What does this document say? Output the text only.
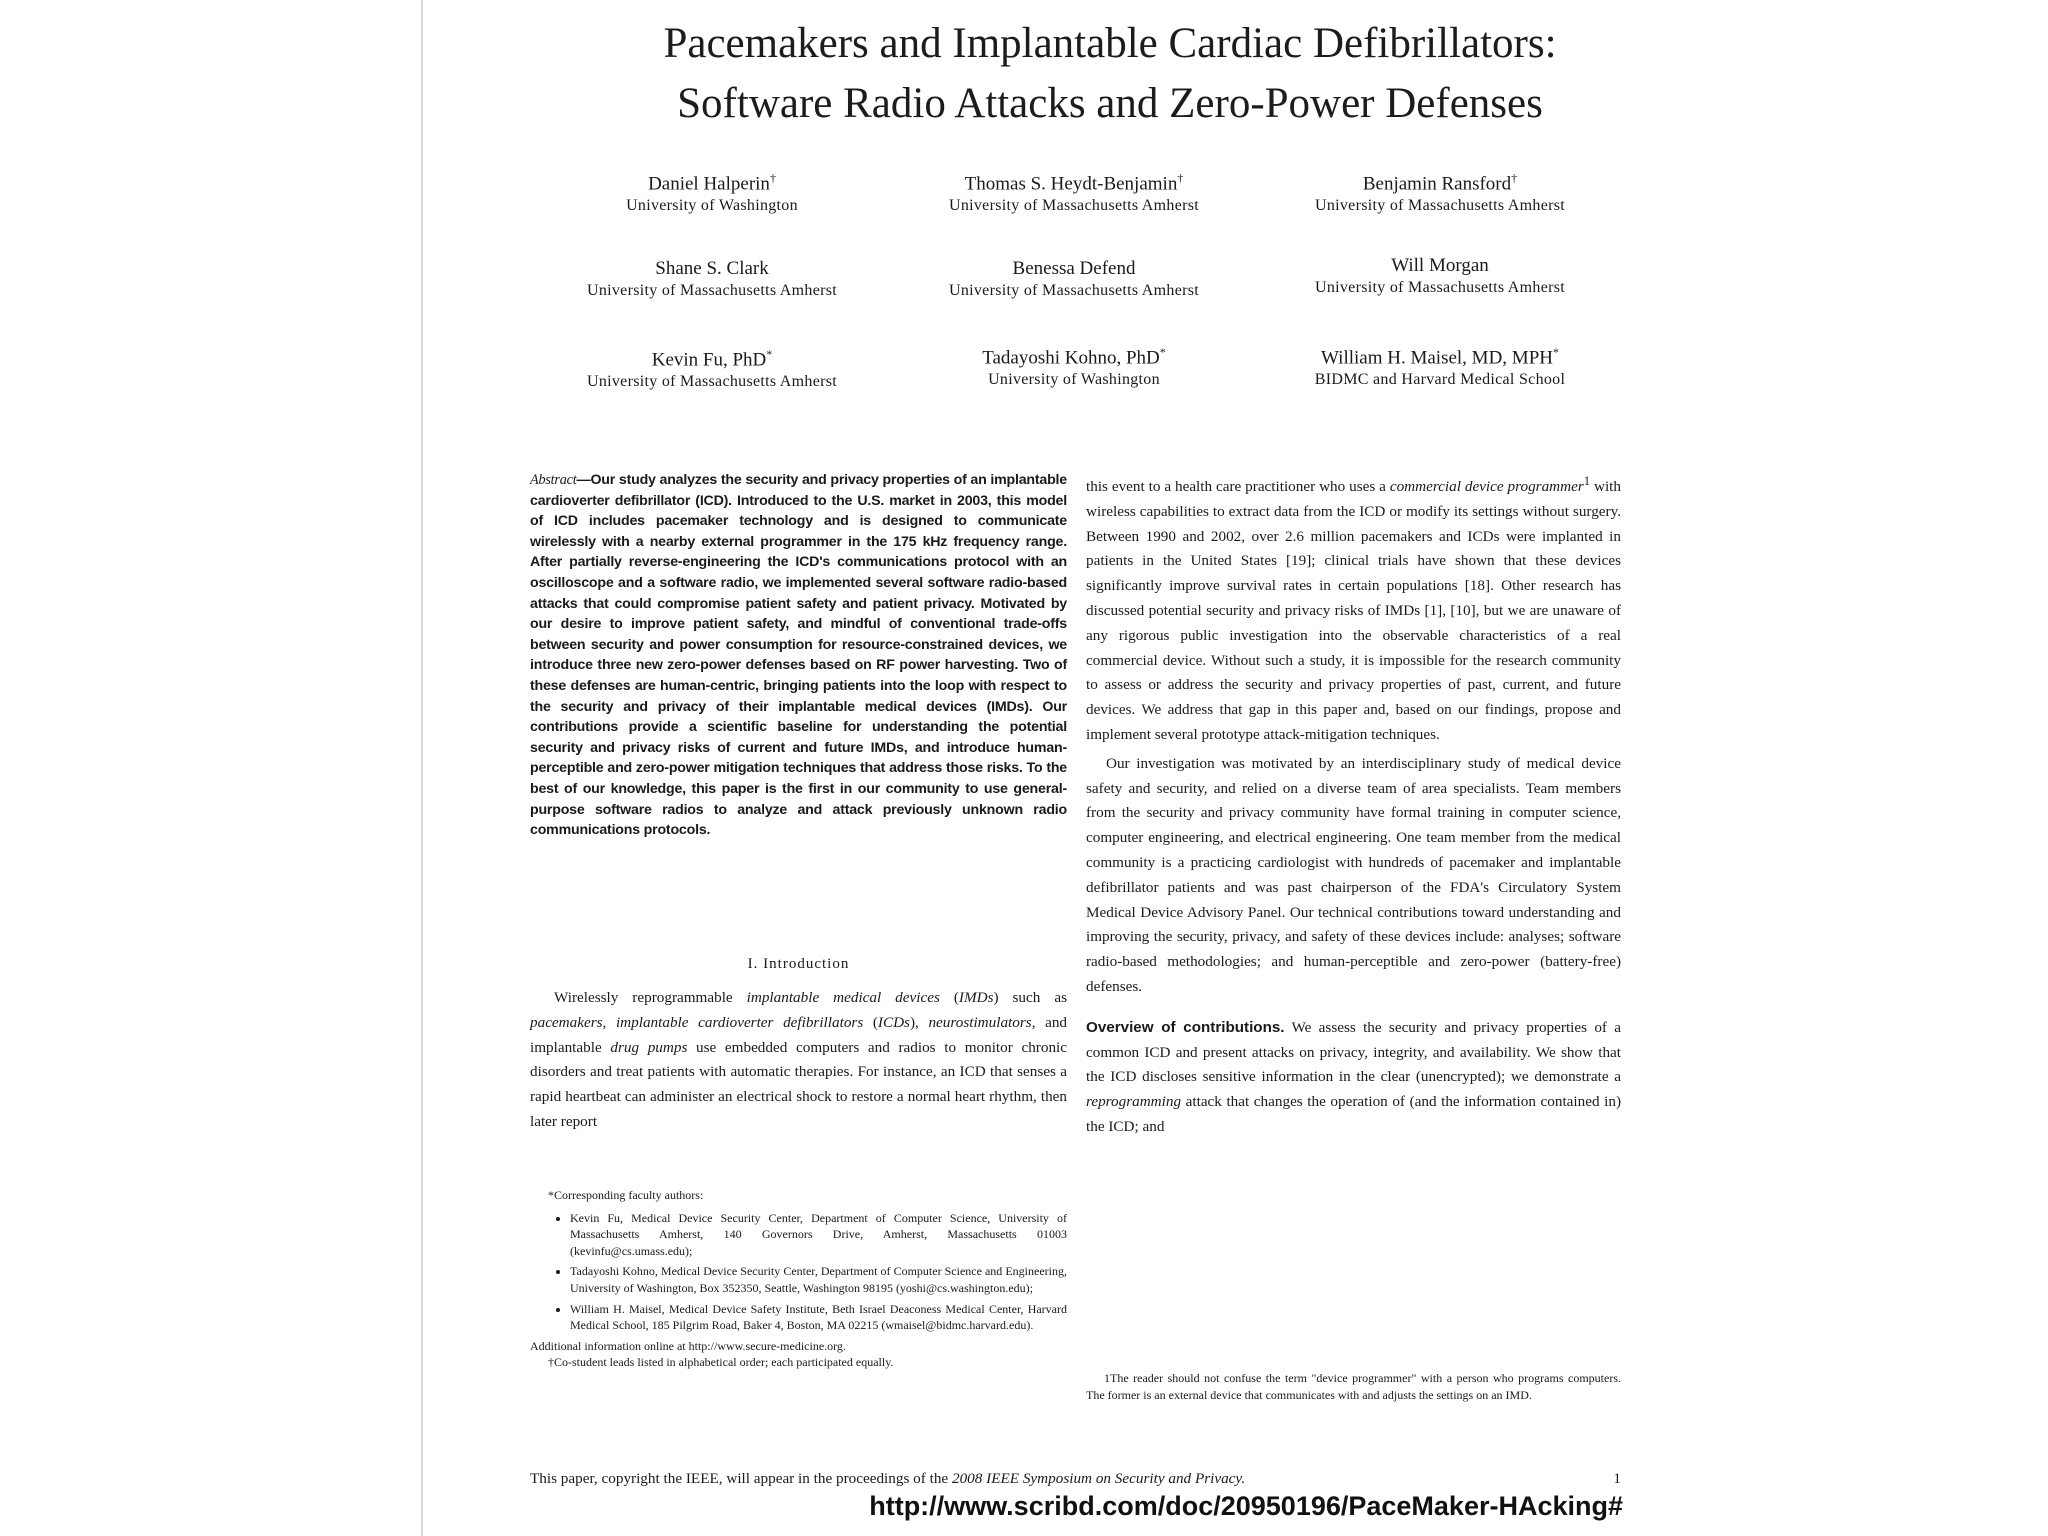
Pacemakers and Implantable Cardiac Defibrillators:
Software Radio Attacks and Zero-Power Defenses
Daniel Halperin†
University of Washington
Thomas S. Heydt-Benjamin†
University of Massachusetts Amherst
Benjamin Ransford†
University of Massachusetts Amherst
Shane S. Clark
University of Massachusetts Amherst
Benessa Defend
University of Massachusetts Amherst
Will Morgan
University of Massachusetts Amherst
Kevin Fu, PhD*
University of Massachusetts Amherst
Tadayoshi Kohno, PhD*
University of Washington
William H. Maisel, MD, MPH*
BIDMC and Harvard Medical School
Abstract—Our study analyzes the security and privacy properties of an implantable cardioverter defibrillator (ICD). Introduced to the U.S. market in 2003, this model of ICD includes pacemaker technology and is designed to communicate wirelessly with a nearby external programmer in the 175 kHz frequency range. After partially reverse-engineering the ICD's communications protocol with an oscilloscope and a software radio, we implemented several software radio-based attacks that could compromise patient safety and patient privacy. Motivated by our desire to improve patient safety, and mindful of conventional trade-offs between security and power consumption for resource-constrained devices, we introduce three new zero-power defenses based on RF power harvesting. Two of these defenses are human-centric, bringing patients into the loop with respect to the security and privacy of their implantable medical devices (IMDs). Our contributions provide a scientific baseline for understanding the potential security and privacy risks of current and future IMDs, and introduce human-perceptible and zero-power mitigation techniques that address those risks. To the best of our knowledge, this paper is the first in our community to use general-purpose software radios to analyze and attack previously unknown radio communications protocols.
I. Introduction
Wirelessly reprogrammable implantable medical devices (IMDs) such as pacemakers, implantable cardioverter defibrillators (ICDs), neurostimulators, and implantable drug pumps use embedded computers and radios to monitor chronic disorders and treat patients with automatic therapies. For instance, an ICD that senses a rapid heartbeat can administer an electrical shock to restore a normal heart rhythm, then later report
*Corresponding faculty authors:
• Kevin Fu, Medical Device Security Center, Department of Computer Science, University of Massachusetts Amherst, 140 Governors Drive, Amherst, Massachusetts 01003 (kevinfu@cs.umass.edu);
• Tadayoshi Kohno, Medical Device Security Center, Department of Computer Science and Engineering, University of Washington, Box 352350, Seattle, Washington 98195 (yoshi@cs.washington.edu);
• William H. Maisel, Medical Device Safety Institute, Beth Israel Deaconess Medical Center, Harvard Medical School, 185 Pilgrim Road, Baker 4, Boston, MA 02215 (wmaisel@bidmc.harvard.edu).
Additional information online at http://www.secure-medicine.org.
†Co-student leads listed in alphabetical order; each participated equally.

this event to a health care practitioner who uses a commercial device programmer$^1$ with wireless capabilities to extract data from the ICD or modify its settings without surgery. Between 1990 and 2002, over 2.6 million pacemakers and ICDs were implanted in patients in the United States [19]; clinical trials have shown that these devices significantly improve survival rates in certain populations [18]. Other research has discussed potential security and privacy risks of IMDs [1], [10], but we are unaware of any rigorous public investigation into the observable characteristics of a real commercial device. Without such a study, it is impossible for the research community to assess or address the security and privacy properties of past, current, and future devices. We address that gap in this paper and, based on our findings, propose and implement several prototype attack-mitigation techniques.

Our investigation was motivated by an interdisciplinary study of medical device safety and security, and relied on a diverse team of area specialists. Team members from the security and privacy community have formal training in computer science, computer engineering, and electrical engineering. One team member from the medical community is a practicing cardiologist with hundreds of pacemaker and implantable defibrillator patients and was past chairperson of the FDA's Circulatory System Medical Device Advisory Panel. Our technical contributions toward understanding and improving the security, privacy, and safety of these devices include: analyses; software radio-based methodologies; and human-perceptible and zero-power (battery-free) defenses.

Overview of contributions. We assess the security and privacy properties of a common ICD and present attacks on privacy, integrity, and availability. We show that the ICD discloses sensitive information in the clear (unencrypted); we demonstrate a reprogramming attack that changes the operation of (and the information contained in) the ICD; and

1The reader should not confuse the term "device programmer" with a person who programs computers. The former is an external device that communicates with and adjusts the settings on an IMD.
This paper, copyright the IEEE, will appear in the proceedings of the 2008 IEEE Symposium on Security and Privacy.	1
http://www.scribd.com/doc/20950196/PaceMaker-HAcking#
